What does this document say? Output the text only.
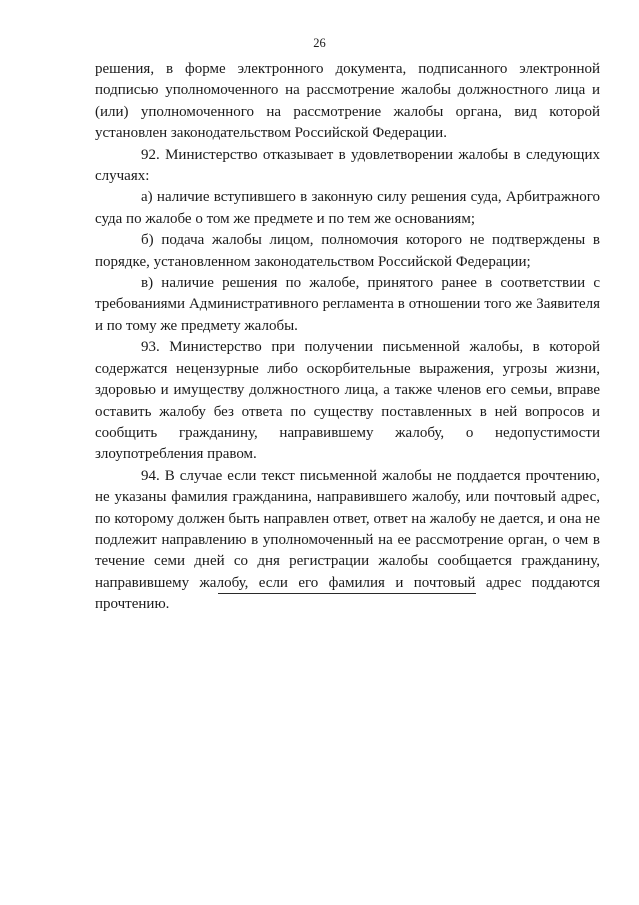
26

решения, в форме электронного документа, подписанного электронной подписью уполномоченного на рассмотрение жалобы должностного лица и (или) уполномоченного на рассмотрение жалобы органа, вид которой установлен законодательством Российской Федерации.

92. Министерство отказывает в удовлетворении жалобы в следующих случаях:

а) наличие вступившего в законную силу решения суда, Арбитражного суда по жалобе о том же предмете и по тем же основаниям;

б) подача жалобы лицом, полномочия которого не подтверждены в порядке, установленном законодательством Российской Федерации;

в) наличие решения по жалобе, принятого ранее в соответствии с требованиями Административного регламента в отношении того же Заявителя и по тому же предмету жалобы.

93. Министерство при получении письменной жалобы, в которой содержатся нецензурные либо оскорбительные выражения, угрозы жизни, здоровью и имуществу должностного лица, а также членов его семьи, вправе оставить жалобу без ответа по существу поставленных в ней вопросов и сообщить гражданину, направившему жалобу, о недопустимости злоупотребления правом.

94. В случае если текст письменной жалобы не поддается прочтению, не указаны фамилия гражданина, направившего жалобу, или почтовый адрес, по которому должен быть направлен ответ, ответ на жалобу не дается, и она не подлежит направлению в уполномоченный на ее рассмотрение орган, о чем в течение семи дней со дня регистрации жалобы сообщается гражданину, направившему жалобу, если его фамилия и почтовый адрес поддаются прочтению.
